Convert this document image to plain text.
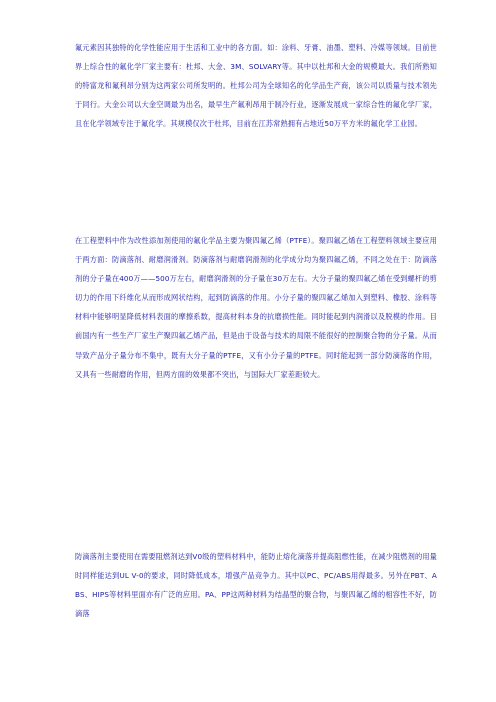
氟元素因其独特的化学性能应用于生活和工业中的各方面。如：涂料、牙膏、油墨、塑料、冷媒等领域。目前世界上综合性的氟化学厂家主要有：杜邦、大金、3M、SOLVARY等。其中以杜邦和大金的规模最大。我们所熟知的特富龙和氟利昂分别为这两家公司所发明的。杜邦公司为全球知名的化学品生产商，该公司以质量与技术领先于同行。大金公司以大金空调最为出名，最早生产氟利昂用于制冷行业，逐渐发展成一家综合性的氟化学厂家，且在化学领域专注于氟化学。其规模仅次于杜邦，目前在江苏常熟拥有占地近50万平方米的氟化学工业园。

在工程塑料中作为改性添加剂使用的氟化学品主要为聚四氟乙烯（PTFE）。聚四氟乙烯在工程塑料领域主要应用于两方面：防滴落剂、耐磨润滑剂。防滴落剂与耐磨润滑剂的化学成分均为聚四氟乙烯，不同之处在于：防滴落剂的分子量在400万——500万左右，耐磨润滑剂的分子量在30万左右。大分子量的聚四氟乙烯在受到螺杆的剪切力的作用下纤维化从而形成网状结构，起到防滴落的作用。小分子量的聚四氟乙烯加入到塑料、橡胶、涂料等材料中能够明显降低材料表面的摩擦系数，提高材料本身的抗磨损性能。同时能起到内润滑以及脱模的作用。目前国内有一些生产厂家生产聚四氟乙烯产品，但是由于设备与技术的局限不能很好的控制聚合物的分子量。从而导致产品分子量分布不集中，既有大分子量的PTFE，又有小分子量的PTFE。同时能起到一部分防滴落的作用，又具有一些耐磨的作用，但两方面的效果都不突出，与国际大厂家差距较大。

防滴落剂主要使用在需要阻燃剂达到V0级的塑料材料中，能防止熔化滴落并提高阻燃性能，在减少阻燃剂的用量时同样能达到UL V-0的要求，同时降低成本，增强产品竞争力。其中以PC、PC/ABS用得最多。另外在PBT、ABS、HIPS等材料里面亦有广泛的应用。PA、PP这两种材料为结晶型的聚合物，与聚四氟乙烯的相容性不好，防滴落
